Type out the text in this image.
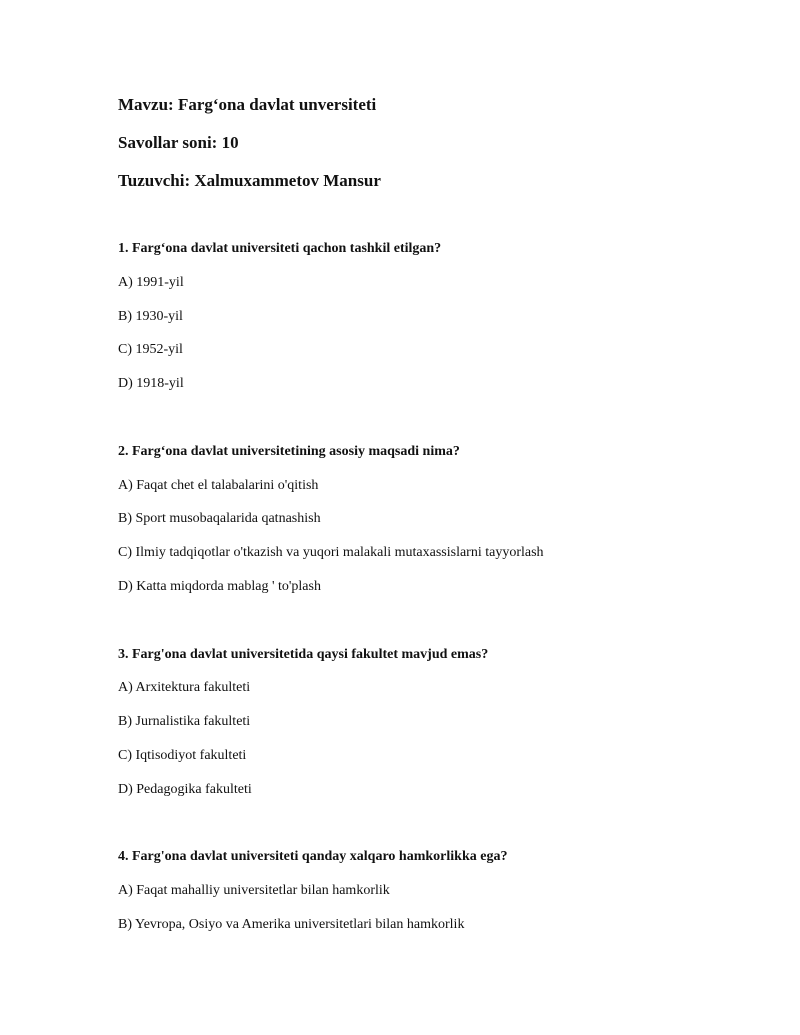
Mavzu: Farg‘ona davlat unversiteti
Savollar soni: 10
Tuzuvchi: Xalmuxammetov Mansur
1. Farg‘ona davlat universiteti qachon tashkil etilgan?
A) 1991-yil
B) 1930-yil
C) 1952-yil
D) 1918-yil
2. Farg‘ona davlat universitetining asosiy maqsadi nima?
A) Faqat chet el talabalarini o'qitish
B) Sport musobaqalarida qatnashish
C) Ilmiy tadqiqotlar o'tkazish va yuqori malakali mutaxassislarni tayyorlash
D) Katta miqdorda mablag ' to'plash
3. Farg'ona davlat universitetida qaysi fakultet mavjud emas?
A) Arxitektura fakulteti
B) Jurnalistika fakulteti
C) Iqtisodiyot fakulteti
D) Pedagogika fakulteti
4. Farg'ona davlat universiteti qanday xalqaro hamkorlikka ega?
A) Faqat mahalliy universitetlar bilan hamkorlik
B) Yevropa, Osiyo va Amerika universitetlari bilan hamkorlik
